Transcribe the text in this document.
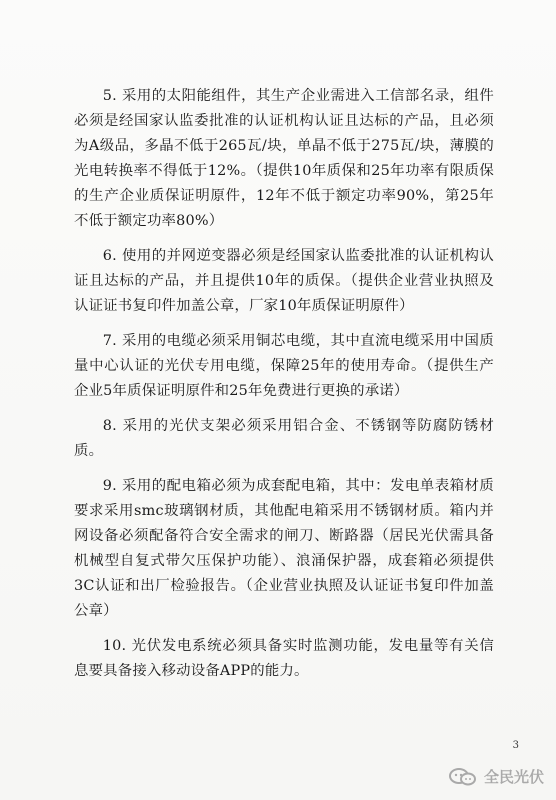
5. 采用的太阳能组件，其生产企业需进入工信部名录，组件必须是经国家认监委批准的认证机构认证且达标的产品，且必须为A级品，多晶不低于265瓦/块，单晶不低于275瓦/块，薄膜的光电转换率不得低于12%。（提供10年质保和25年功率有限质保的生产企业质保证明原件，12年不低于额定功率90%，第25年不低于额定功率80%）

6. 使用的并网逆变器必须是经国家认监委批准的认证机构认证且达标的产品，并且提供10年的质保。（提供企业营业执照及认证证书复印件加盖公章，厂家10年质保证明原件）

7. 采用的电缆必须采用铜芯电缆，其中直流电缆采用中国质量中心认证的光伏专用电缆，保障25年的使用寿命。（提供生产企业5年质保证明原件和25年免费进行更换的承诺）

8. 采用的光伏支架必须采用铝合金、不锈钢等防腐防锈材质。

9. 采用的配电箱必须为成套配电箱，其中：发电单表箱材质要求采用smc玻璃钢材质，其他配电箱采用不锈钢材质。箱内并网设备必须配备符合安全需求的闸刀、断路器（居民光伏需具备机械型自复式带欠压保护功能）、浪涌保护器，成套箱必须提供3C认证和出厂检验报告。（企业营业执照及认证证书复印件加盖公章）

10. 光伏发电系统必须具备实时监测功能，发电量等有关信息要具备接入移动设备APP的能力。

3
全民光伏
